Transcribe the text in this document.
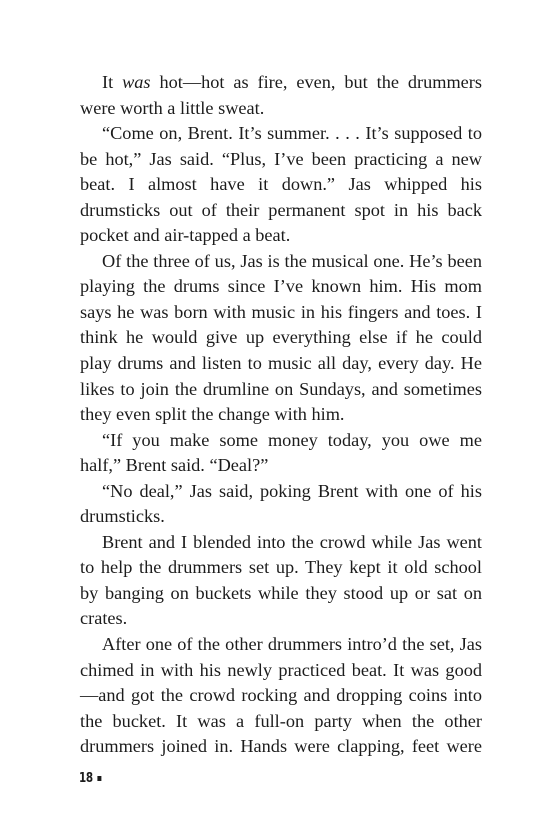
It was hot—hot as fire, even, but the drummers were worth a little sweat.

“Come on, Brent. It’s summer. . . . It’s supposed to be hot,” Jas said. “Plus, I’ve been practicing a new beat. I almost have it down.” Jas whipped his drumsticks out of their permanent spot in his back pocket and air-tapped a beat.

Of the three of us, Jas is the musical one. He’s been playing the drums since I’ve known him. His mom says he was born with music in his fingers and toes. I think he would give up everything else if he could play drums and listen to music all day, every day. He likes to join the drumline on Sundays, and sometimes they even split the change with him.

“If you make some money today, you owe me half,” Brent said. “Deal?”

“No deal,” Jas said, poking Brent with one of his drumsticks.

Brent and I blended into the crowd while Jas went to help the drummers set up. They kept it old school by banging on buckets while they stood up or sat on crates.

After one of the other drummers intro’d the set, Jas chimed in with his newly practiced beat. It was good—and got the crowd rocking and dropping coins into the bucket. It was a full-on party when the other drummers joined in. Hands were clapping, feet were

18
